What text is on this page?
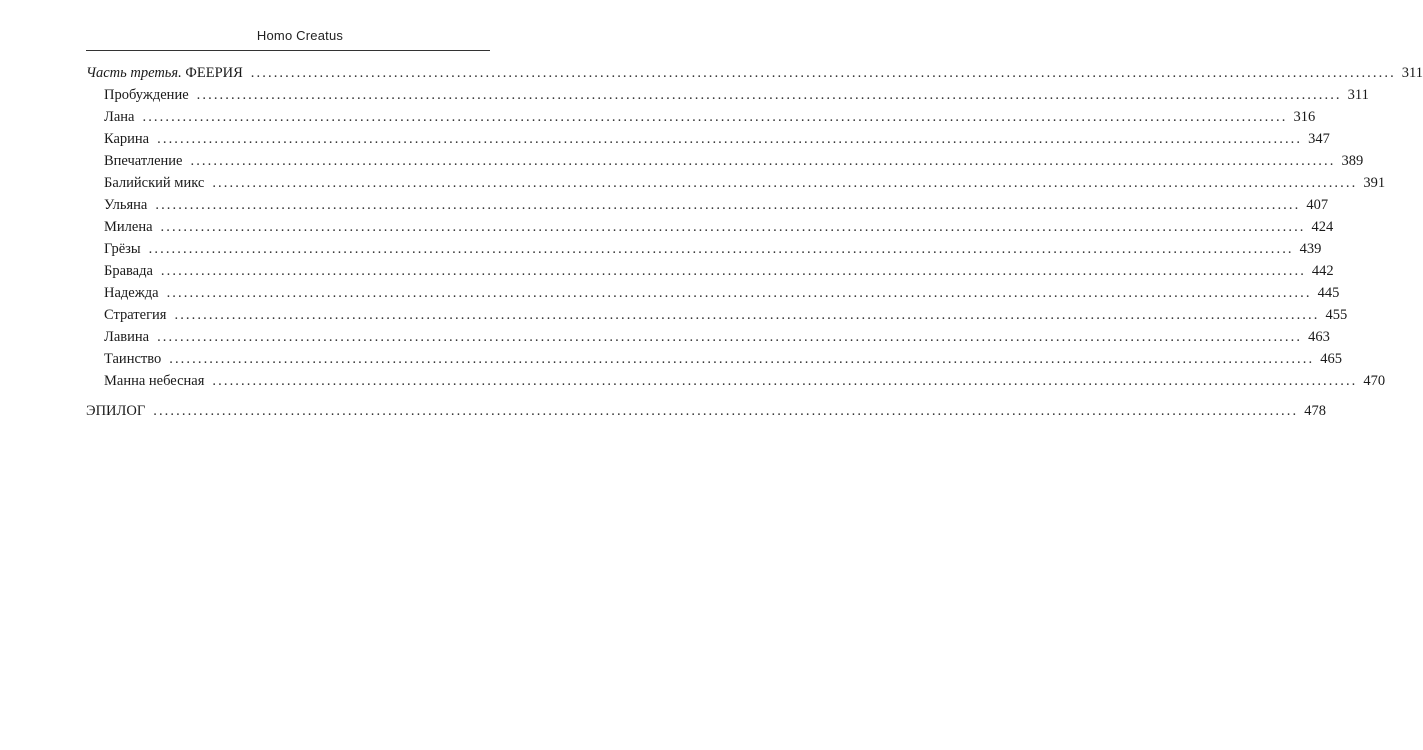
Homo Creatus
Часть третья. ФЕЕРИЯ ........................................................................................................................................................................................................ 311
Пробуждение ........................................................................................................................................................................................................ 311
Лана ........................................................................................................................................................................................................ 316
Карина ........................................................................................................................................................................................................ 347
Впечатление ........................................................................................................................................................................................................ 389
Балийский микс ........................................................................................................................................................................................................ 391
Ульяна ........................................................................................................................................................................................................ 407
Милена ........................................................................................................................................................................................................ 424
Грёзы ........................................................................................................................................................................................................ 439
Бравада ........................................................................................................................................................................................................ 442
Надежда ........................................................................................................................................................................................................ 445
Стратегия ........................................................................................................................................................................................................ 455
Лавина ........................................................................................................................................................................................................ 463
Таинство ........................................................................................................................................................................................................ 465
Манна небесная ........................................................................................................................................................................................................ 470
ЭПИЛОГ ........................................................................................................................................................................................................ 478
